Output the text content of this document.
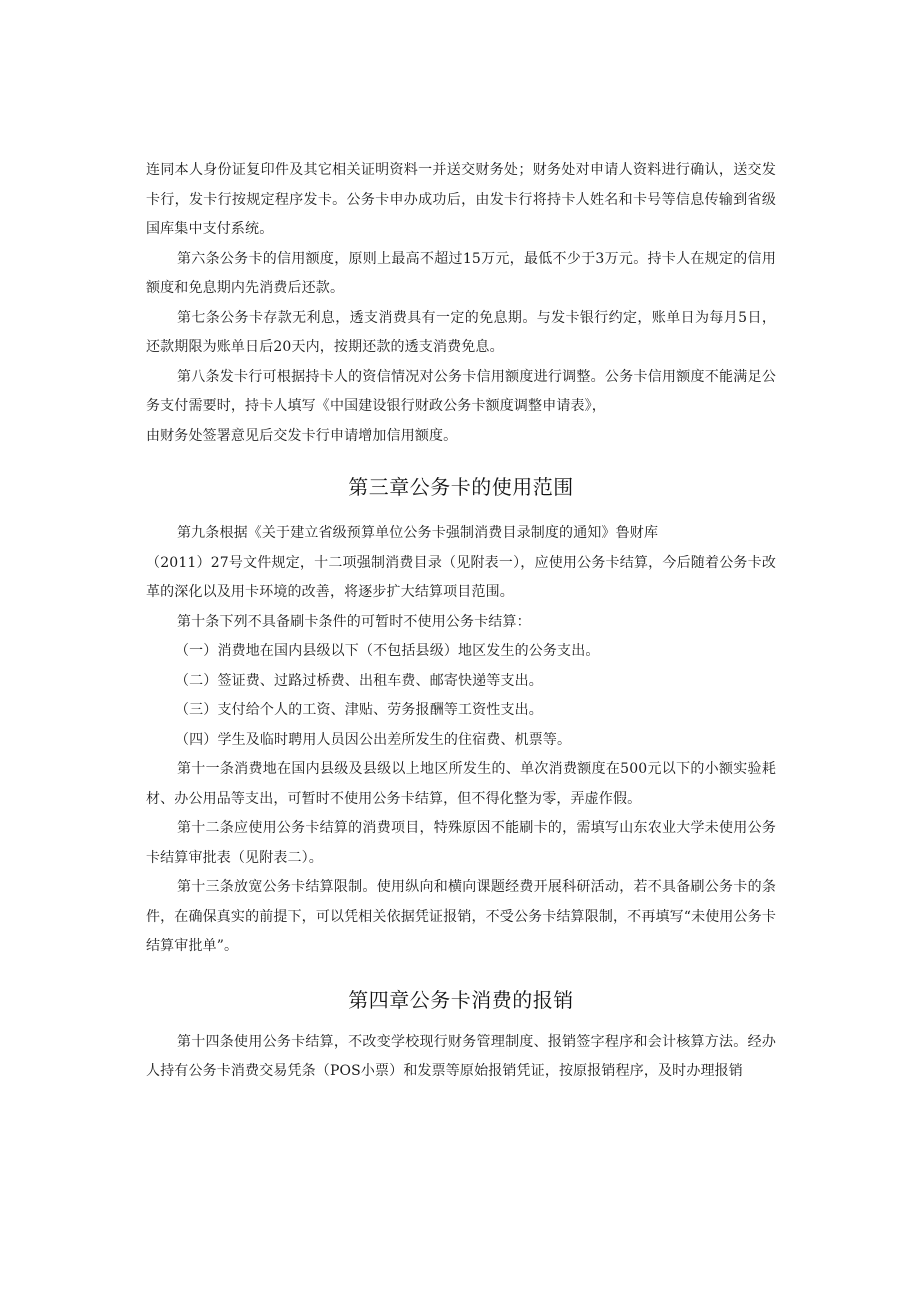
连同本人身份证复印件及其它相关证明资料一并送交财务处；财务处对申请人资料进行确认，送交发卡行，发卡行按规定程序发卡。公务卡申办成功后，由发卡行将持卡人姓名和卡号等信息传输到省级国库集中支付系统。

第六条公务卡的信用额度，原则上最高不超过15万元，最低不少于3万元。持卡人在规定的信用额度和免息期内先消费后还款。

第七条公务卡存款无利息，透支消费具有一定的免息期。与发卡银行约定，账单日为每月5日，还款期限为账单日后20天内，按期还款的透支消费免息。

第八条发卡行可根据持卡人的资信情况对公务卡信用额度进行调整。公务卡信用额度不能满足公务支付需要时，持卡人填写《中国建设银行财政公务卡额度调整申请表》，

由财务处签署意见后交发卡行申请增加信用额度。

第三章公务卡的使用范围

第九条根据《关于建立省级预算单位公务卡强制消费目录制度的通知》鲁财库

（2011）27号文件规定，十二项强制消费目录（见附表一），应使用公务卡结算，今后随着公务卡改革的深化以及用卡环境的改善，将逐步扩大结算项目范围。

第十条下列不具备刷卡条件的可暂时不使用公务卡结算：

（一）消费地在国内县级以下（不包括县级）地区发生的公务支出。

（二）签证费、过路过桥费、出租车费、邮寄快递等支出。

（三）支付给个人的工资、津贴、劳务报酬等工资性支出。

（四）学生及临时聘用人员因公出差所发生的住宿费、机票等。

第十一条消费地在国内县级及县级以上地区所发生的、单次消费额度在500元以下的小额实验耗材、办公用品等支出，可暂时不使用公务卡结算，但不得化整为零，弄虚作假。

第十二条应使用公务卡结算的消费项目，特殊原因不能刷卡的，需填写山东农业大学未使用公务卡结算审批表（见附表二）。

第十三条放宽公务卡结算限制。使用纵向和横向课题经费开展科研活动，若不具备刷公务卡的条件，在确保真实的前提下，可以凭相关依据凭证报销，不受公务卡结算限制，不再填写“未使用公务卡结算审批单”。

第四章公务卡消费的报销

第十四条使用公务卡结算，不改变学校现行财务管理制度、报销签字程序和会计核算方法。经办人持有公务卡消费交易凭条（POS小票）和发票等原始报销凭证，按原报销程序，及时办理报销
